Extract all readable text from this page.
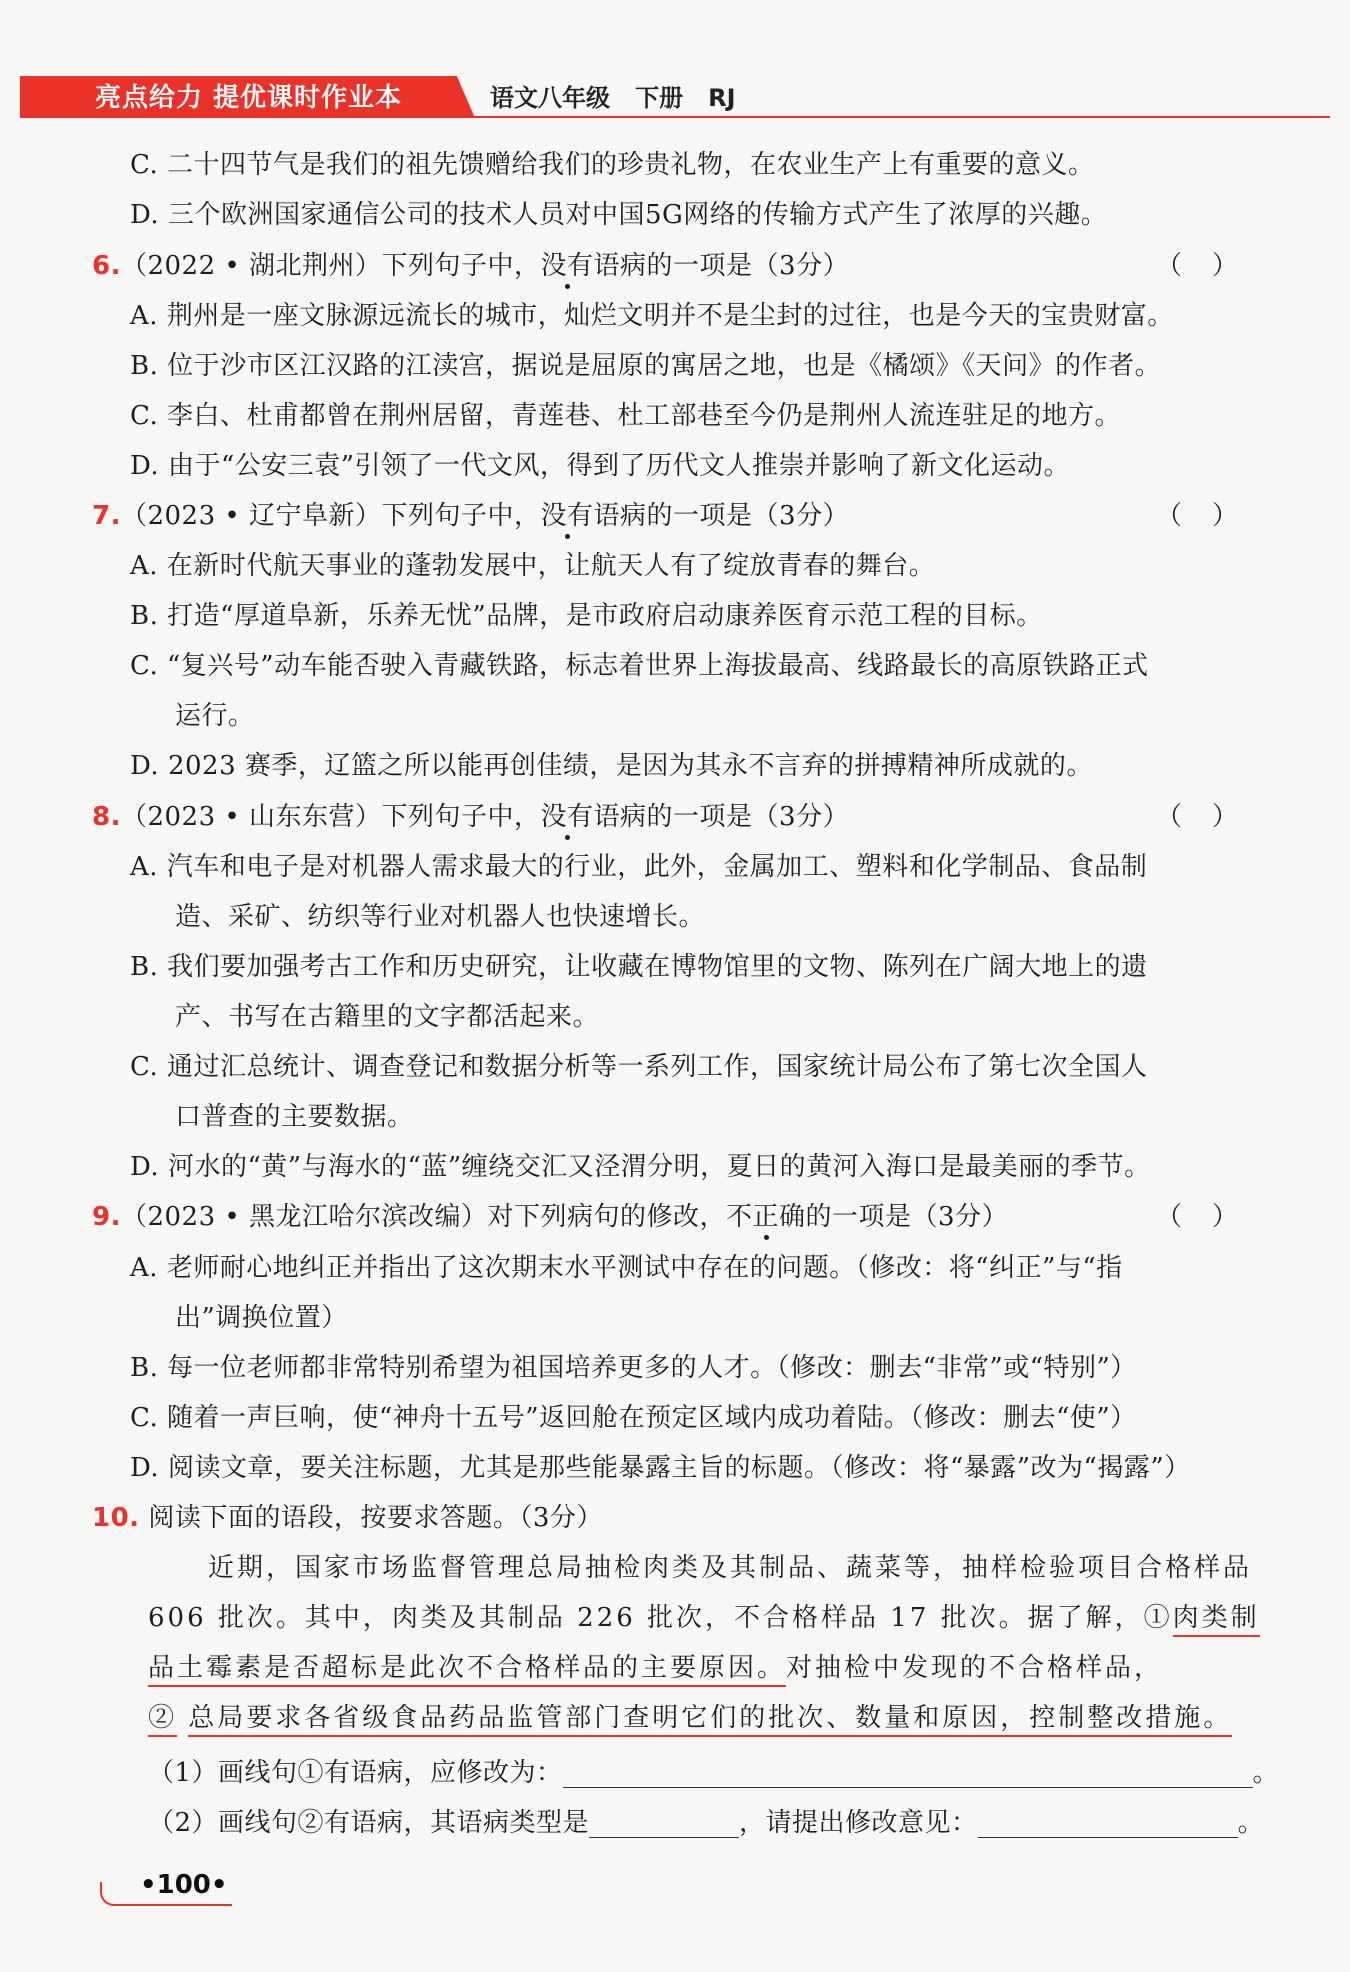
亮点给力 提优课时作业本	语文八年级   下册   RJ
C. 二十四节气是我们的祖先馈赠给我们的珍贵礼物，在农业生产上有重要的意义。
D. 三个欧洲国家通信公司的技术人员对中国5G网络的传输方式产生了浓厚的兴趣。
6.（2022 • 湖北荆州）下列句子中，没有语病的一项是（3分）	（）
A. 荆州是一座文脉源远流长的城市，灿烂文明并不是尘封的过往，也是今天的宝贵财富。
B. 位于沙市区江汉路的江渎宫，据说是屈原的寓居之地，也是《橘颂》《天问》的作者。
C. 李白、杜甫都曾在荆州居留，青莲巷、杜工部巷至今仍是荆州人流连驻足的地方。
D. 由于“公安三袁”引领了一代文风，得到了历代文人推崇并影响了新文化运动。
7.（2023 • 辽宁阜新）下列句子中，没有语病的一项是（3分）	（）
A. 在新时代航天事业的蓬勃发展中，让航天人有了绽放青春的舞台。
B. 打造“厚道阜新，乐养无忧”品牌，是市政府启动康养医育示范工程的目标。
C. “复兴号”动车能否驶入青藏铁路，标志着世界上海拔最高、线路最长的高原铁路正式
运行。
D. 2023 赛季，辽篮之所以能再创佳绩，是因为其永不言弃的拼搏精神所成就的。
8.（2023 • 山东东营）下列句子中，没有语病的一项是（3分）	（）
A. 汽车和电子是对机器人需求最大的行业，此外，金属加工、塑料和化学制品、食品制
造、采矿、纺织等行业对机器人也快速增长。
B. 我们要加强考古工作和历史研究，让收藏在博物馆里的文物、陈列在广阔大地上的遗
产、书写在古籍里的文字都活起来。
C. 通过汇总统计、调查登记和数据分析等一系列工作，国家统计局公布了第七次全国人
口普查的主要数据。
D. 河水的“黄”与海水的“蓝”缠绕交汇又泾渭分明，夏日的黄河入海口是最美丽的季节。
9.（2023 • 黑龙江哈尔滨改编）对下列病句的修改，不正确的一项是（3分）	（）
A. 老师耐心地纠正并指出了这次期末水平测试中存在的问题。（修改：将“纠正”与“指
出”调换位置）
B. 每一位老师都非常特别希望为祖国培养更多的人才。（修改：删去“非常”或“特别”）
C. 随着一声巨响，使“神舟十五号”返回舱在预定区域内成功着陆。（修改：删去“使”）
D. 阅读文章，要关注标题，尤其是那些能暴露主旨的标题。（修改：将“暴露”改为“揭露”）
10. 阅读下面的语段，按要求答题。（3分）
近期，国家市场监督管理总局抽检肉类及其制品、蔬菜等，抽样检验项目合格样品
606 批次。其中，肉类及其制品 226 批次，不合格样品 17 批次。据了解，①肉类制
品土霉素是否超标是此次不合格样品的主要原因。对抽检中发现的不合格样品，
② 总局要求各省级食品药品监管部门查明它们的批次、数量和原因，控制整改措施。
（1）画线句①有语病，应修改为：	。
（2）画线句②有语病，其语病类型是	，请提出修改意见：	。
•100•
